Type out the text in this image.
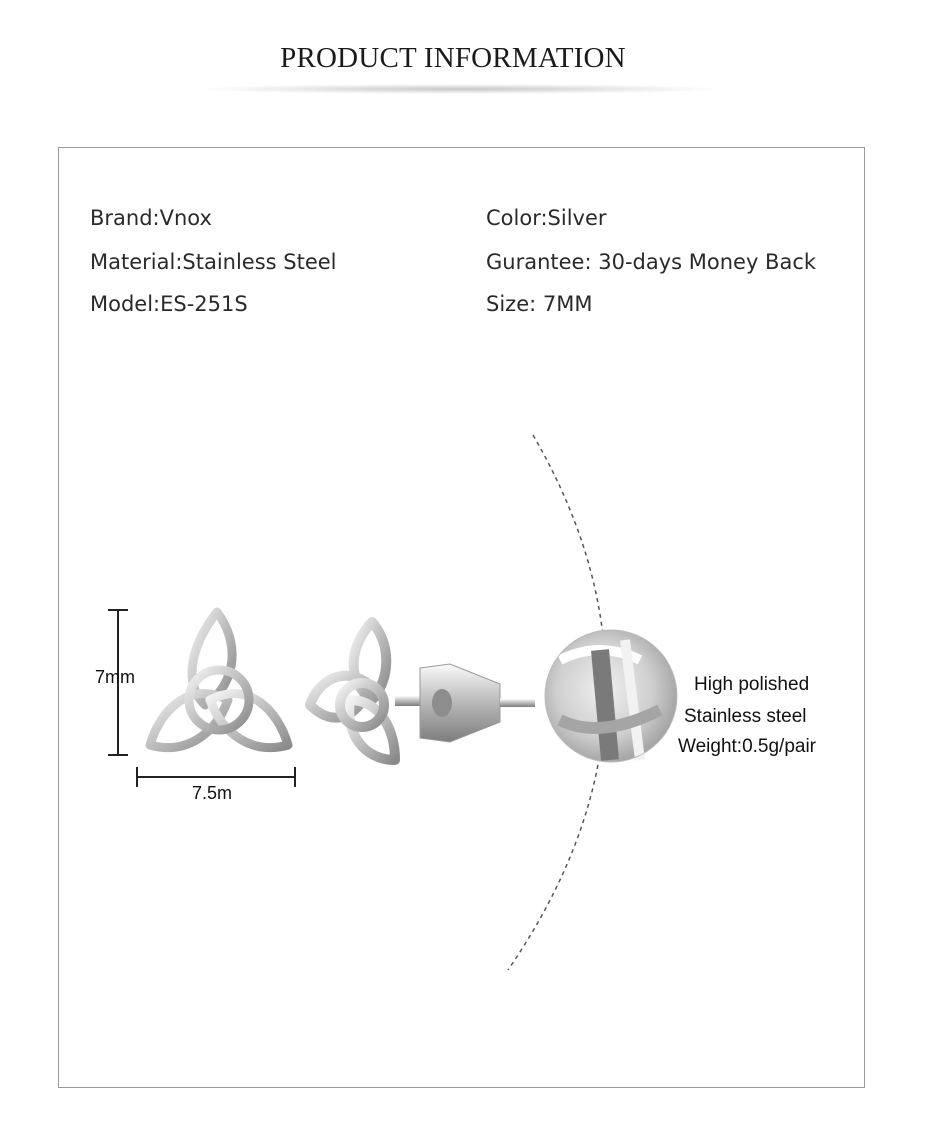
PRODUCT INFORMATION
Brand:Vnox
Material:Stainless Steel
Model:ES-251S
Color:Silver
Gurantee: 30-days Money Back
Size: 7MM
7mm
7.5m
High polished
Stainless steel
Weight:0.5g/pair
